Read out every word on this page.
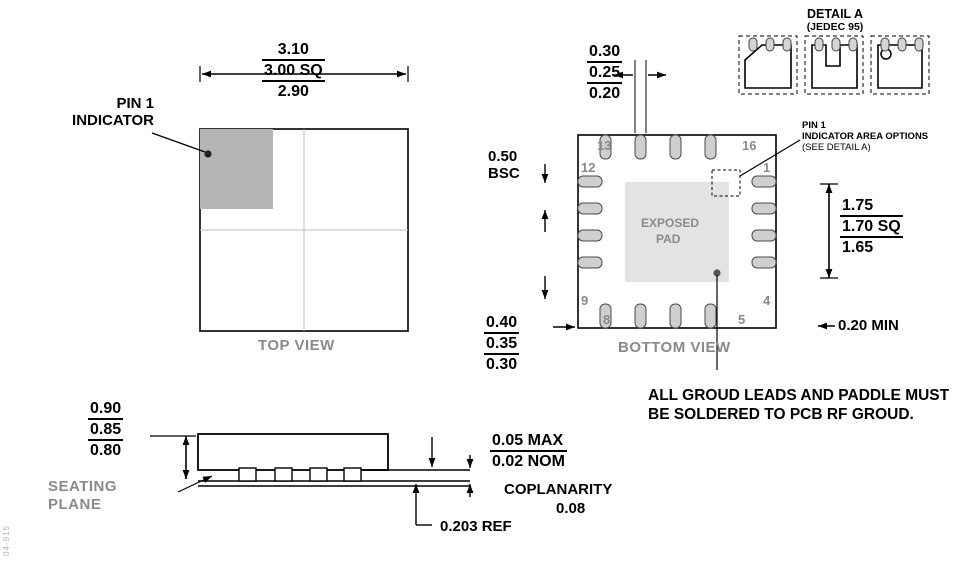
3.10
3.00 SQ
2.90
PIN 1
INDICATOR
TOP VIEW
0.30
0.25
0.20
0.50
BSC
0.40
0.35
0.30
1.75
1.70 SQ
1.65
0.20 MIN
EXPOSED
PAD
13	16
12	1
9	4
8	5
BOTTOM VIEW
PIN 1
INDICATOR AREA OPTIONS
(SEE DETAIL A)
ALL GROUD LEADS AND PADDLE MUST
BE SOLDERED TO PCB RF GROUD.
DETAIL A
(JEDEC 95)
0.90
0.85
0.80
0.05 MAX
0.02 NOM
COPLANARITY
0.08
0.203 REF
SEATING
PLANE
04-915
